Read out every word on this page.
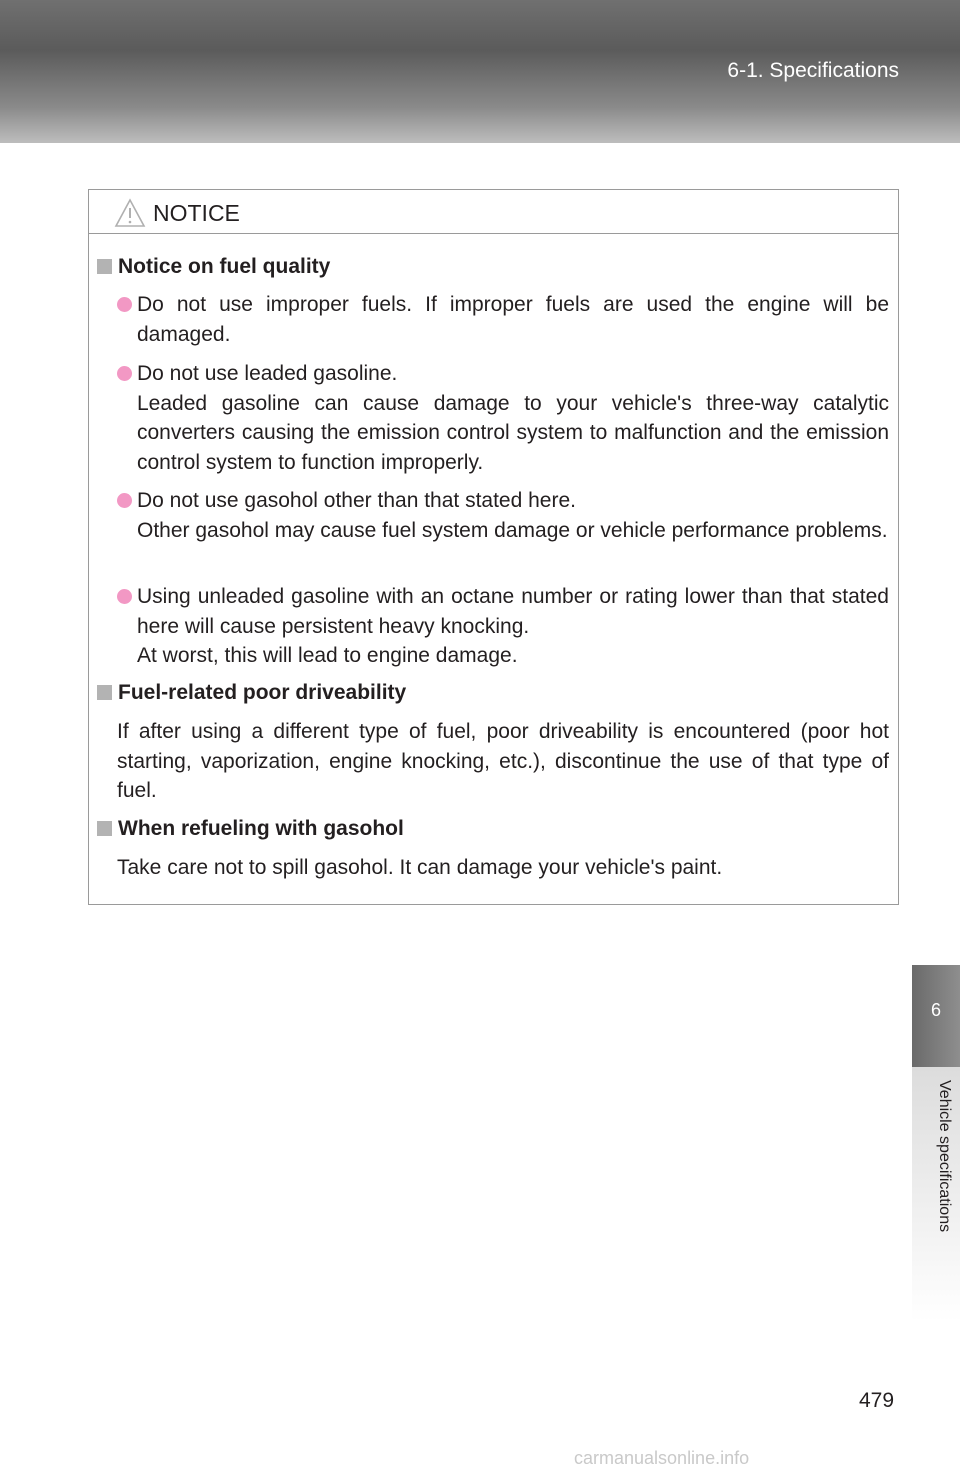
6-1. Specifications
6
Vehicle specifications
NOTICE
Notice on fuel quality
Do not use improper fuels. If improper fuels are used the engine will be damaged.
Do not use leaded gasoline.
Leaded gasoline can cause damage to your vehicle's three-way catalytic converters causing the emission control system to malfunction and the emission control system to function improperly.
Do not use gasohol other than that stated here.
Other gasohol may cause fuel system damage or vehicle performance problems.
Using unleaded gasoline with an octane number or rating lower than that stated here will cause persistent heavy knocking.
At worst, this will lead to engine damage.
Fuel-related poor driveability
If after using a different type of fuel, poor driveability is encountered (poor hot starting, vaporization, engine knocking, etc.), discontinue the use of that type of fuel.
When refueling with gasohol
Take care not to spill gasohol. It can damage your vehicle's paint.
479
carmanualsonline.info
